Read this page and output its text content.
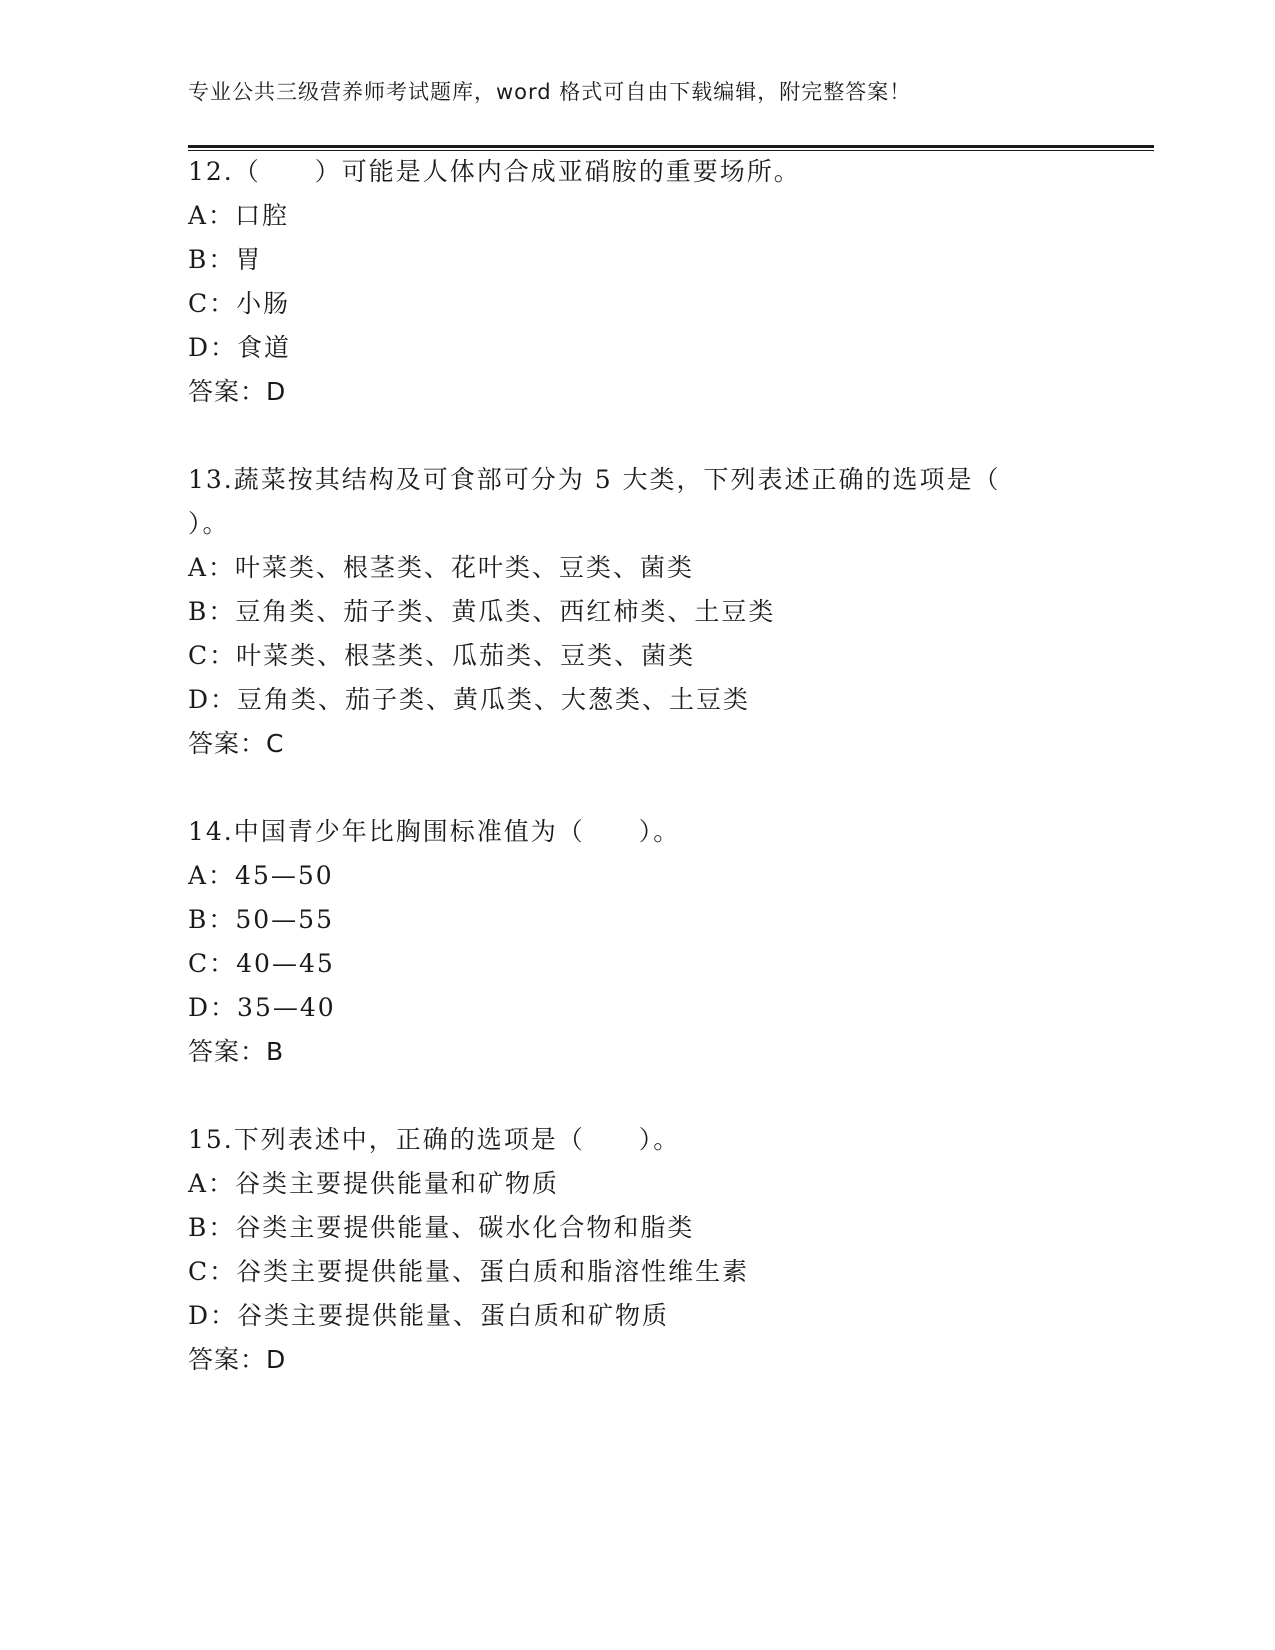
专业公共三级营养师考试题库，word 格式可自由下载编辑，附完整答案！
12.（　　）可能是人体内合成亚硝胺的重要场所。
A：口腔
B：胃
C：小肠
D：食道
答案：D
13.蔬菜按其结构及可食部可分为 5 大类，下列表述正确的选项是（
）。
A：叶菜类、根茎类、花叶类、豆类、菌类
B：豆角类、茄子类、黄瓜类、西红柿类、土豆类
C：叶菜类、根茎类、瓜茄类、豆类、菌类
D：豆角类、茄子类、黄瓜类、大葱类、土豆类
答案：C
14.中国青少年比胸围标准值为（　　）。
A：45—50
B：50—55
C：40—45
D：35—40
答案：B
15.下列表述中，正确的选项是（　　）。
A：谷类主要提供能量和矿物质
B：谷类主要提供能量、碳水化合物和脂类
C：谷类主要提供能量、蛋白质和脂溶性维生素
D：谷类主要提供能量、蛋白质和矿物质
答案：D
